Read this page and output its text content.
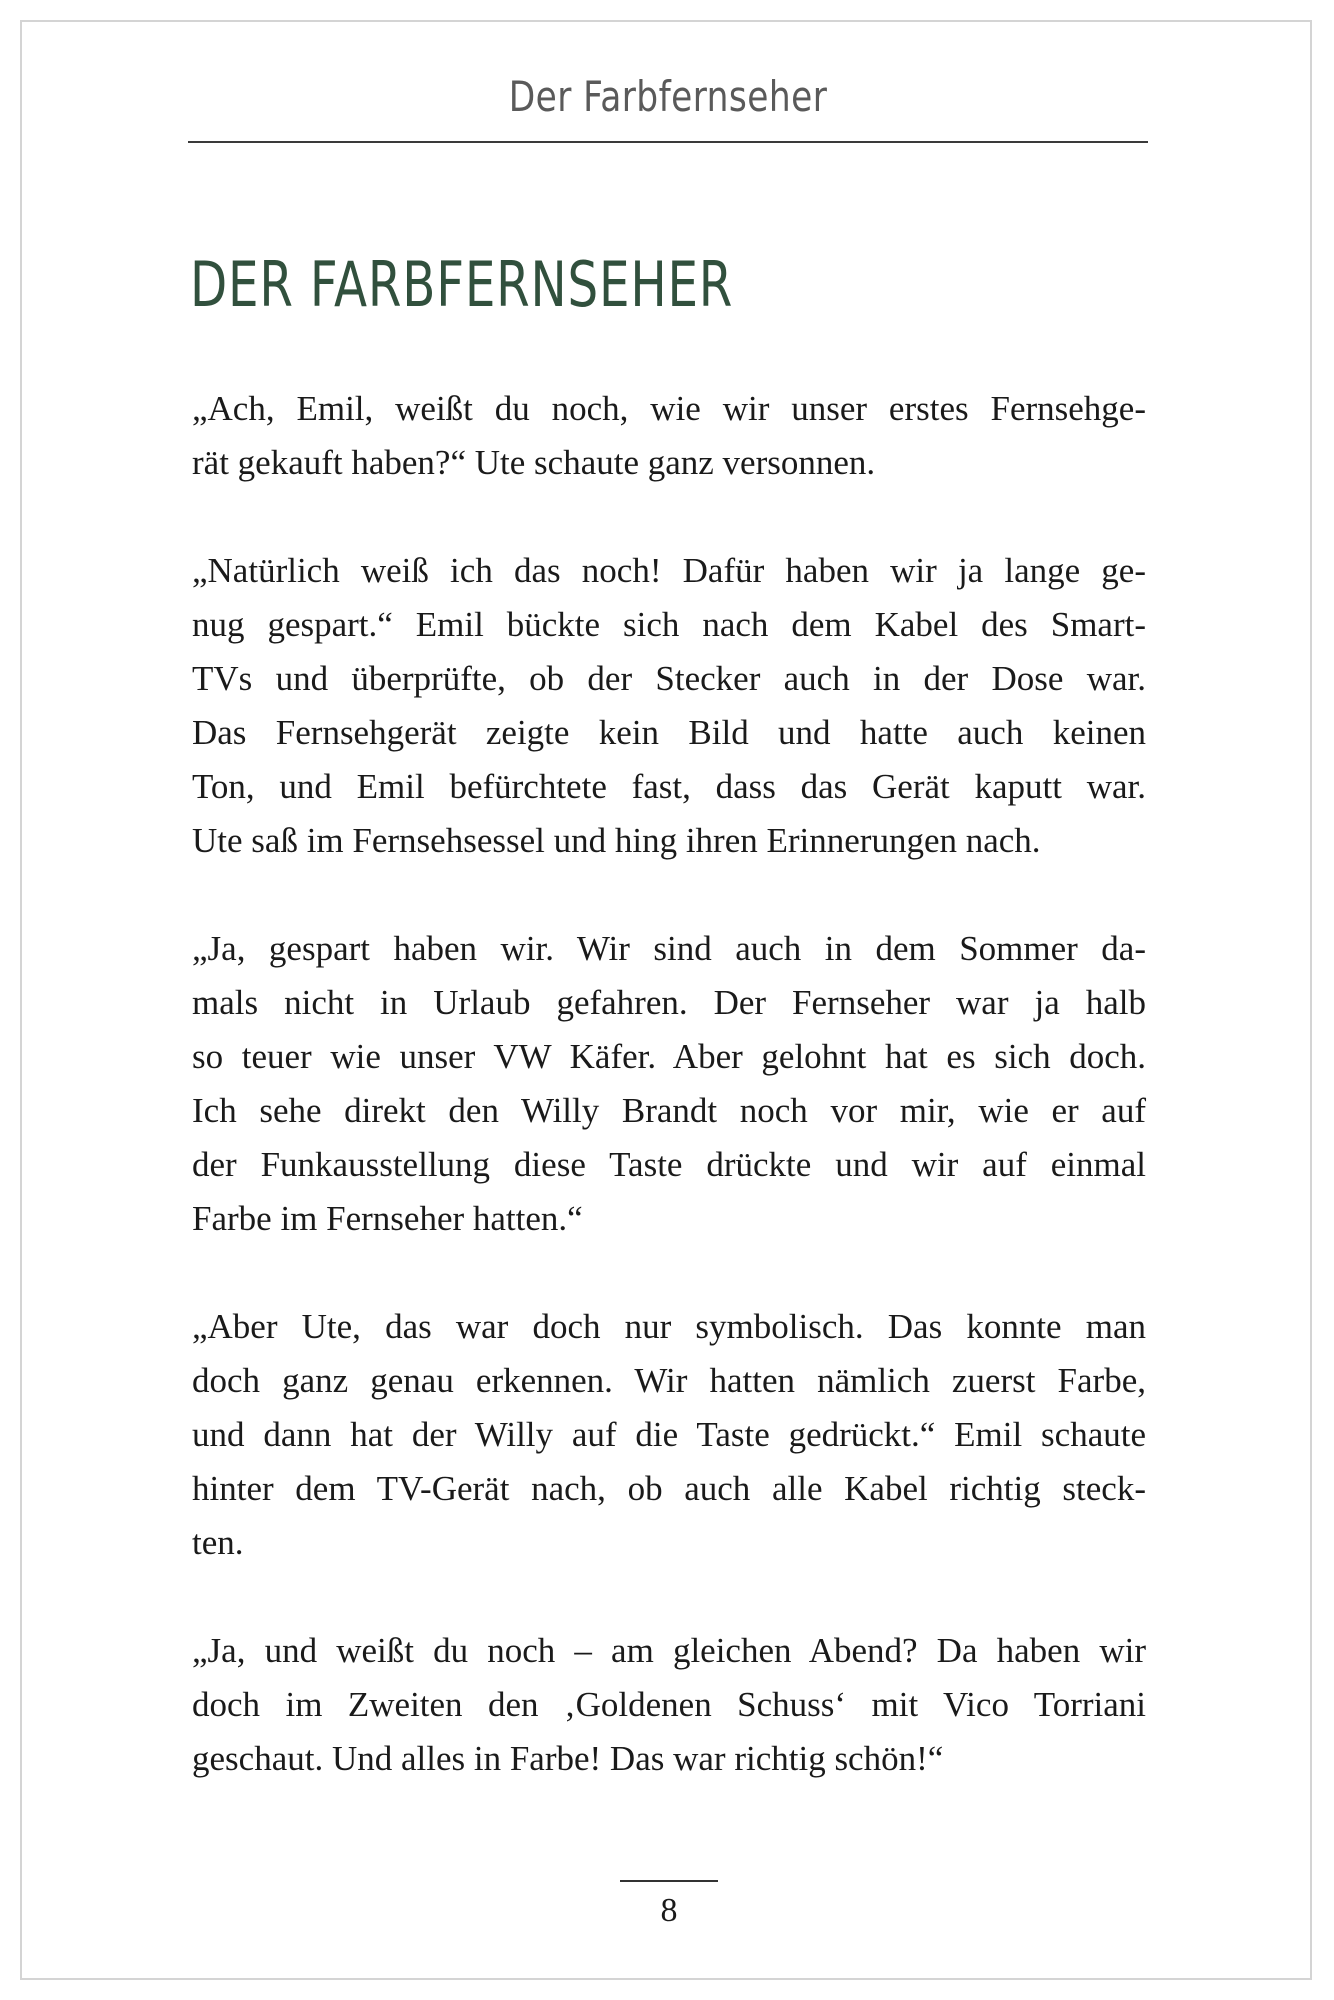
Der Farbfernseher
DER FARBFERNSEHER

„Ach, Emil, weißt du noch, wie wir unser erstes Fernsehge-
rät gekauft haben?“ Ute schaute ganz versonnen.

„Natürlich weiß ich das noch! Dafür haben wir ja lange ge-
nug gespart.“ Emil bückte sich nach dem Kabel des Smart-
TVs und überprüfte, ob der Stecker auch in der Dose war.
Das Fernsehgerät zeigte kein Bild und hatte auch keinen
Ton, und Emil befürchtete fast, dass das Gerät kaputt war.
Ute saß im Fernsehsessel und hing ihren Erinnerungen nach.

„Ja, gespart haben wir. Wir sind auch in dem Sommer da-
mals nicht in Urlaub gefahren. Der Fernseher war ja halb
so teuer wie unser VW Käfer. Aber gelohnt hat es sich doch.
Ich sehe direkt den Willy Brandt noch vor mir, wie er auf
der Funkausstellung diese Taste drückte und wir auf einmal
Farbe im Fernseher hatten.“

„Aber Ute, das war doch nur symbolisch. Das konnte man
doch ganz genau erkennen. Wir hatten nämlich zuerst Farbe,
und dann hat der Willy auf die Taste gedrückt.“ Emil schaute
hinter dem TV-Gerät nach, ob auch alle Kabel richtig steck-
ten.

„Ja, und weißt du noch – am gleichen Abend? Da haben wir
doch im Zweiten den ‚Goldenen Schuss‘ mit Vico Torriani
geschaut. Und alles in Farbe! Das war richtig schön!“

8
